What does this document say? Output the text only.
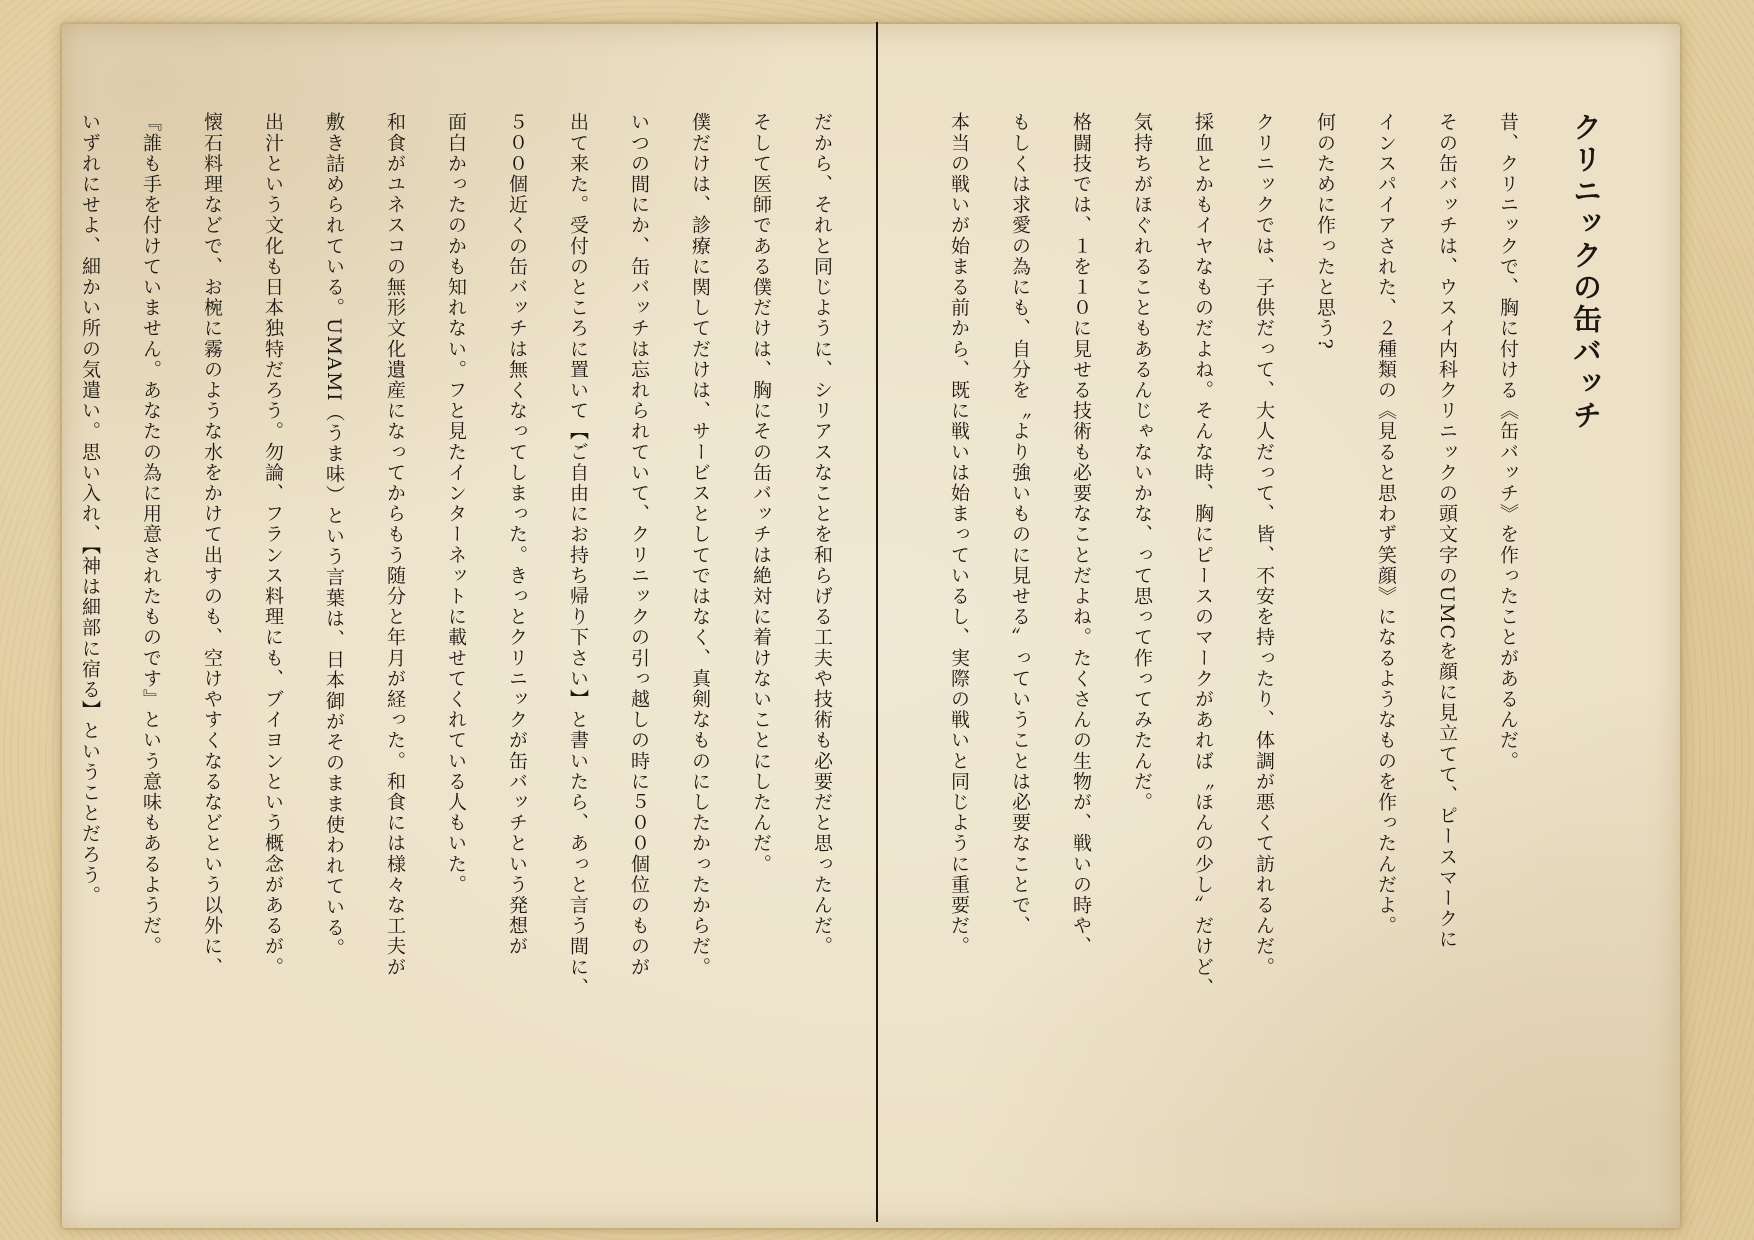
クリニックの缶バッチ

昔、クリニックで、胸に付ける《缶バッチ》を作ったことがあるんだ。

その缶バッチは、ウスイ内科クリニックの頭文字のUMCを顔に見立てて、ピースマークに

インスパイアされた、２種類の《見ると思わず笑顔》になるようなものを作ったんだよ。

何のために作ったと思う?

クリニックでは、子供だって、大人だって、皆、不安を持ったり、体調が悪くて訪れるんだ。

採血とかもイヤなものだよね。そんな時、胸にピースのマークがあれば〝ほんの少し〟だけど、

気持ちがほぐれることもあるんじゃないかな、って思って作ってみたんだ。

格闘技では、１を１０に見せる技術も必要なことだよね。たくさんの生物が、戦いの時や、

もしくは求愛の為にも、自分を〝より強いものに見せる〟っていうことは必要なことで、

本当の戦いが始まる前から、既に戦いは始まっているし、実際の戦いと同じように重要だ。

だから、それと同じように、シリアスなことを和らげる工夫や技術も必要だと思ったんだ。

そして医師である僕だけは、胸にその缶バッチは絶対に着けないことにしたんだ。

僕だけは、診療に関してだけは、サービスとしてではなく、真剣なものにしたかったからだ。

いつの間にか、缶バッチは忘れられていて、クリニックの引っ越しの時に５００個位のものが

出て来た。受付のところに置いて【ご自由にお持ち帰り下さい】と書いたら、あっと言う間に、

５００個近くの缶バッチは無くなってしまった。きっとクリニックが缶バッチという発想が

面白かったのかも知れない。フと見たインターネットに載せてくれている人もいた。

和食がユネスコの無形文化遺産になってからもう随分と年月が経った。和食には様々な工夫が

敷き詰められている。UMAMI（うま味）という言葉は、日本御がそのまま使われている。

出汁という文化も日本独特だろう。勿論、フランス料理にも、ブイヨンという概念があるが。

懐石料理などで、お椀に霧のような水をかけて出すのも、空けやすくなるなどという以外に、

『誰も手を付けていません。あなたの為に用意されたものです』という意味もあるようだ。

いずれにせよ、細かい所の気遣い。思い入れ、【神は細部に宿る】ということだろう。
